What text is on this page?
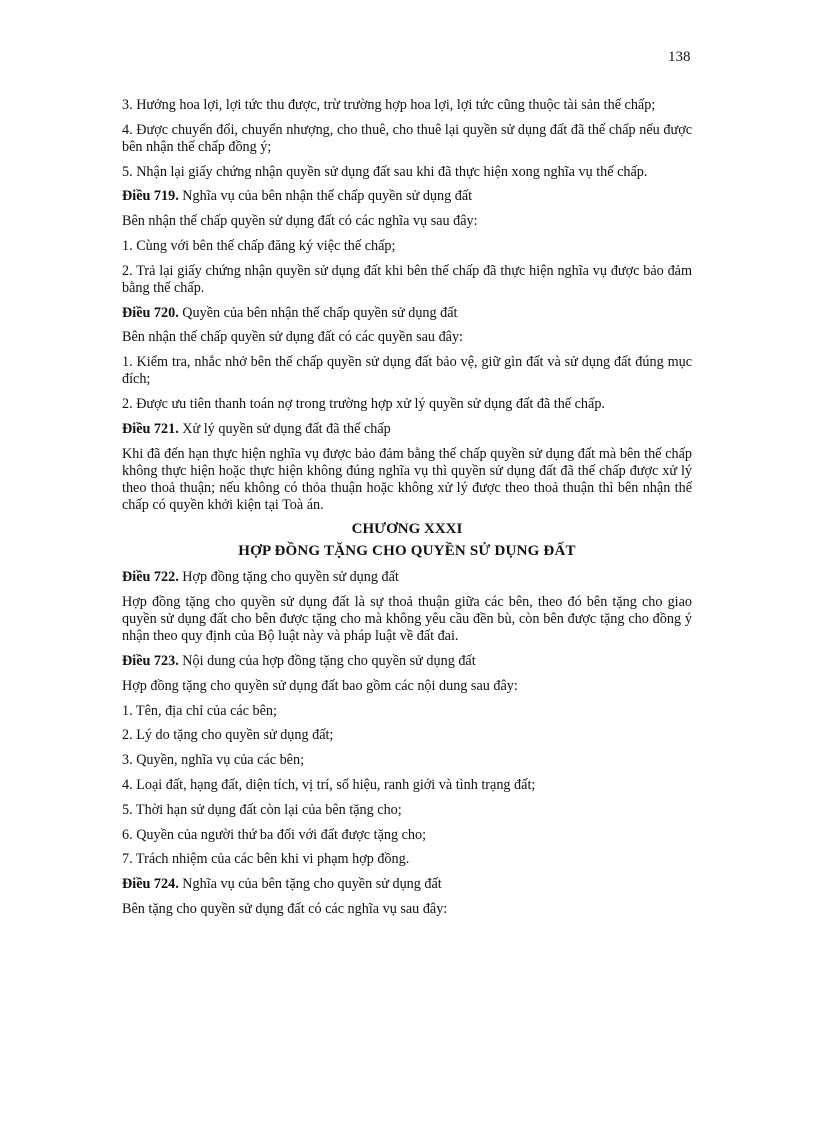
138

3. Hưởng hoa lợi, lợi tức thu được, trừ trường hợp hoa lợi, lợi tức cũng thuộc tài sản thế chấp;

4. Được chuyển đổi, chuyển nhượng, cho thuê, cho thuê lại quyền sử dụng đất đã thế chấp nếu được bên nhận thế chấp đồng ý;

5. Nhận lại giấy chứng nhận quyền sử dụng đất sau khi đã thực hiện xong nghĩa vụ thế chấp.

Điều 719. Nghĩa vụ của bên nhận thế chấp quyền sử dụng đất

Bên nhận thế chấp quyền sử dụng đất có các nghĩa vụ sau đây:

1. Cùng với bên thế chấp đăng ký việc thế chấp;

2. Trả lại giấy chứng nhận quyền sử dụng đất khi bên thế chấp đã thực hiện nghĩa vụ được bảo đảm bằng thế chấp.

Điều 720. Quyền của bên nhận thế chấp quyền sử dụng đất

Bên nhận thế chấp quyền sử dụng đất có các quyền sau đây:

1. Kiểm tra, nhắc nhở bên thế chấp quyền sử dụng đất bảo vệ, giữ gìn đất và sử dụng đất đúng mục đích;

2. Được ưu tiên thanh toán nợ trong trường hợp xử lý quyền sử dụng đất đã thế chấp.

Điều 721. Xử lý quyền sử dụng đất đã thế chấp

Khi đã đến hạn thực hiện nghĩa vụ được bảo đảm bằng thế chấp quyền sử dụng đất mà bên thế chấp không thực hiện hoặc thực hiện không đúng nghĩa vụ thì quyền sử dụng đất đã thế chấp được xử lý theo thoả thuận; nếu không có thỏa thuận hoặc không xử lý được theo thoả thuận thì bên nhận thế chấp có quyền khởi kiện tại Toà án.

CHƯƠNG XXXI

HỢP ĐỒNG TẶNG CHO QUYỀN SỬ DỤNG ĐẤT

Điều 722. Hợp đồng tặng cho quyền sử dụng đất

Hợp đồng tặng cho quyền sử dụng đất là sự thoả thuận giữa các bên, theo đó bên tặng cho giao quyền sử dụng đất cho bên được tặng cho mà không yêu cầu đền bù, còn bên được tặng cho đồng ý nhận theo quy định của Bộ luật này và pháp luật về đất đai.

Điều 723. Nội dung của hợp đồng tặng cho quyền sử dụng đất

Hợp đồng tặng cho quyền sử dụng đất bao gồm các nội dung sau đây:

1. Tên, địa chỉ của các bên;

2. Lý do tặng cho quyền sử dụng đất;

3. Quyền, nghĩa vụ của các bên;

4. Loại đất, hạng đất, diện tích, vị trí, số hiệu, ranh giới và tình trạng đất;

5. Thời hạn sử dụng đất còn lại của bên tặng cho;

6. Quyền của người thứ ba đối với đất được tặng cho;

7. Trách nhiệm của các bên khi vi phạm hợp đồng.

Điều 724. Nghĩa vụ của bên tặng cho quyền sử dụng đất

Bên tặng cho quyền sử dụng đất có các nghĩa vụ sau đây:
